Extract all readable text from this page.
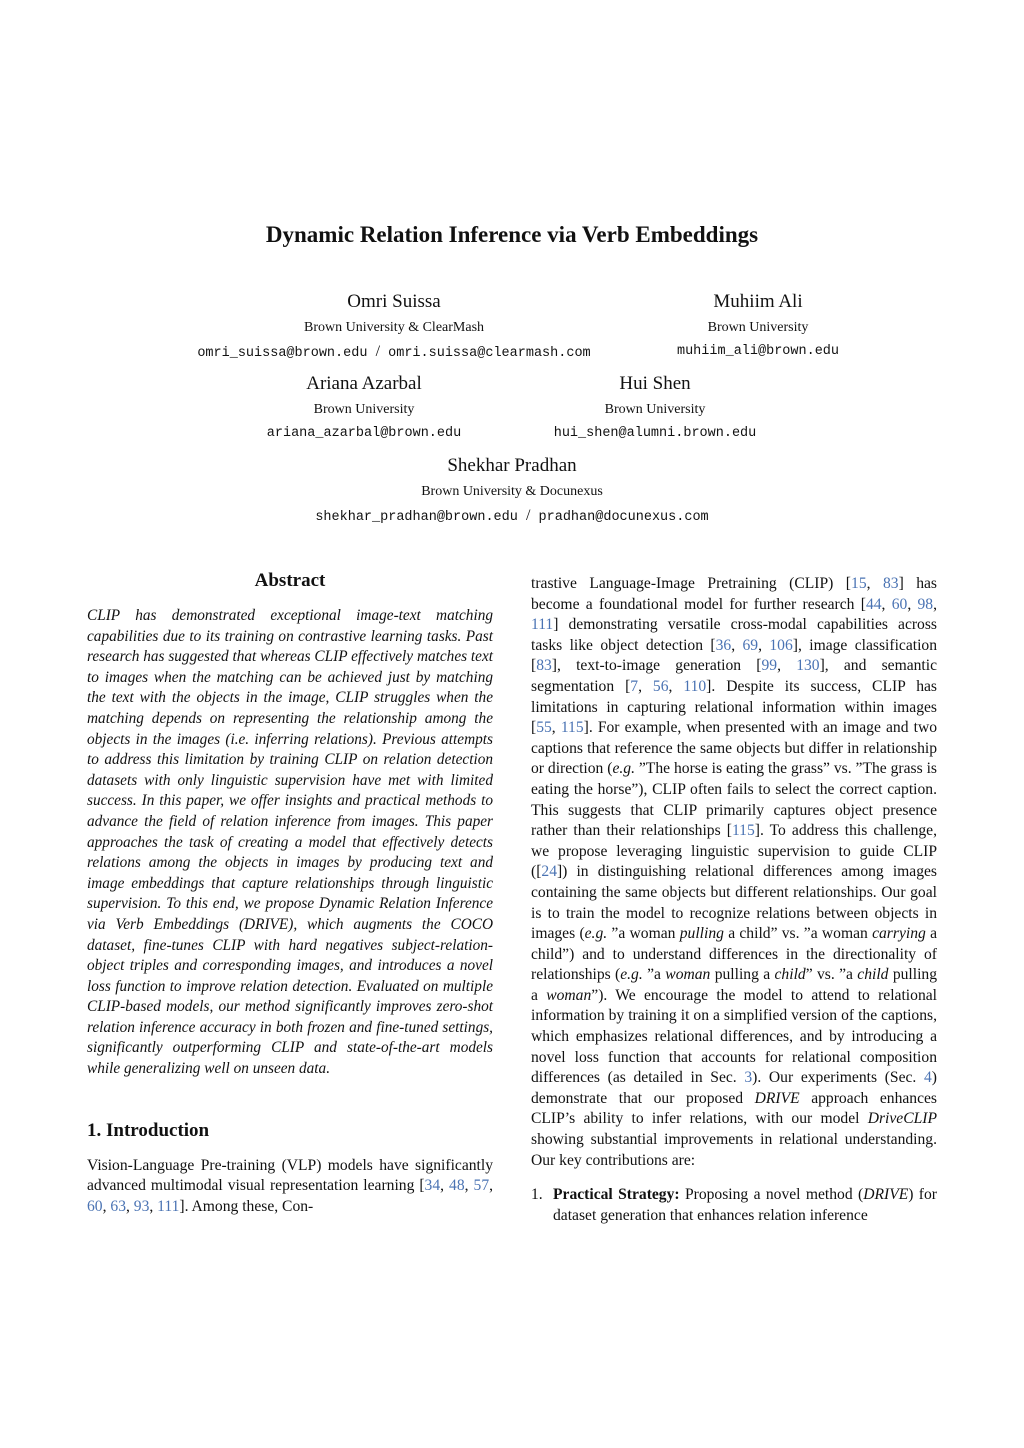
Dynamic Relation Inference via Verb Embeddings
Omri Suissa
Brown University & ClearMash
omri_suissa@brown.edu / omri.suissa@clearmash.com
Muhiim Ali
Brown University
muhiim_ali@brown.edu
Ariana Azarbal
Brown University
ariana_azarbal@brown.edu
Hui Shen
Brown University
hui_shen@alumni.brown.edu
Shekhar Pradhan
Brown University & Docunexus
shekhar_pradhan@brown.edu / pradhan@docunexus.com
Abstract

CLIP has demonstrated exceptional image-text matching capabilities due to its training on contrastive learning tasks. Past research has suggested that whereas CLIP effectively matches text to images when the matching can be achieved just by matching the text with the objects in the image, CLIP struggles when the matching depends on representing the relationship among the objects in the images (i.e. inferring relations). Previous attempts to address this limitation by training CLIP on relation detection datasets with only linguistic supervision have met with limited success. In this paper, we offer insights and practical methods to advance the field of relation inference from images. This paper approaches the task of creating a model that effectively detects relations among the objects in images by producing text and image embeddings that capture relationships through linguistic supervision. To this end, we propose Dynamic Relation Inference via Verb Embeddings (DRIVE), which augments the COCO dataset, fine-tunes CLIP with hard negatives subject-relation-object triples and corresponding images, and introduces a novel loss function to improve relation detection. Evaluated on multiple CLIP-based models, our method significantly improves zero-shot relation inference accuracy in both frozen and fine-tuned settings, significantly outperforming CLIP and state-of-the-art models while generalizing well on unseen data.

1. Introduction

Vision-Language Pre-training (VLP) models have significantly advanced multimodal visual representation learning [34, 48, 57, 60, 63, 93, 111]. Among these, Con-

trastive Language-Image Pretraining (CLIP) [15, 83] has become a foundational model for further research [44, 60, 98, 111] demonstrating versatile cross-modal capabilities across tasks like object detection [36, 69, 106], image classification [83], text-to-image generation [99, 130], and semantic segmentation [7, 56, 110]. Despite its success, CLIP has limitations in capturing relational information within images [55, 115]. For example, when presented with an image and two captions that reference the same objects but differ in relationship or direction (e.g. ”The horse is eating the grass” vs. ”The grass is eating the horse”), CLIP often fails to select the correct caption. This suggests that CLIP primarily captures object presence rather than their relationships [115]. To address this challenge, we propose leveraging linguistic supervision to guide CLIP ([24]) in distinguishing relational differences among images containing the same objects but different relationships. Our goal is to train the model to recognize relations between objects in images (e.g. ”a woman pulling a child” vs. ”a woman carrying a child”) and to understand differences in the directionality of relationships (e.g. ”a woman pulling a child” vs. ”a child pulling a woman”). We encourage the model to attend to relational information by training it on a simplified version of the captions, which emphasizes relational differences, and by introducing a novel loss function that accounts for relational composition differences (as detailed in Sec. 3). Our experiments (Sec. 4) demonstrate that our proposed DRIVE approach enhances CLIP’s ability to infer relations, with our model DriveCLIP showing substantial improvements in relational understanding. Our key contributions are:

1. Practical Strategy: Proposing a novel method (DRIVE) for dataset generation that enhances relation inference
